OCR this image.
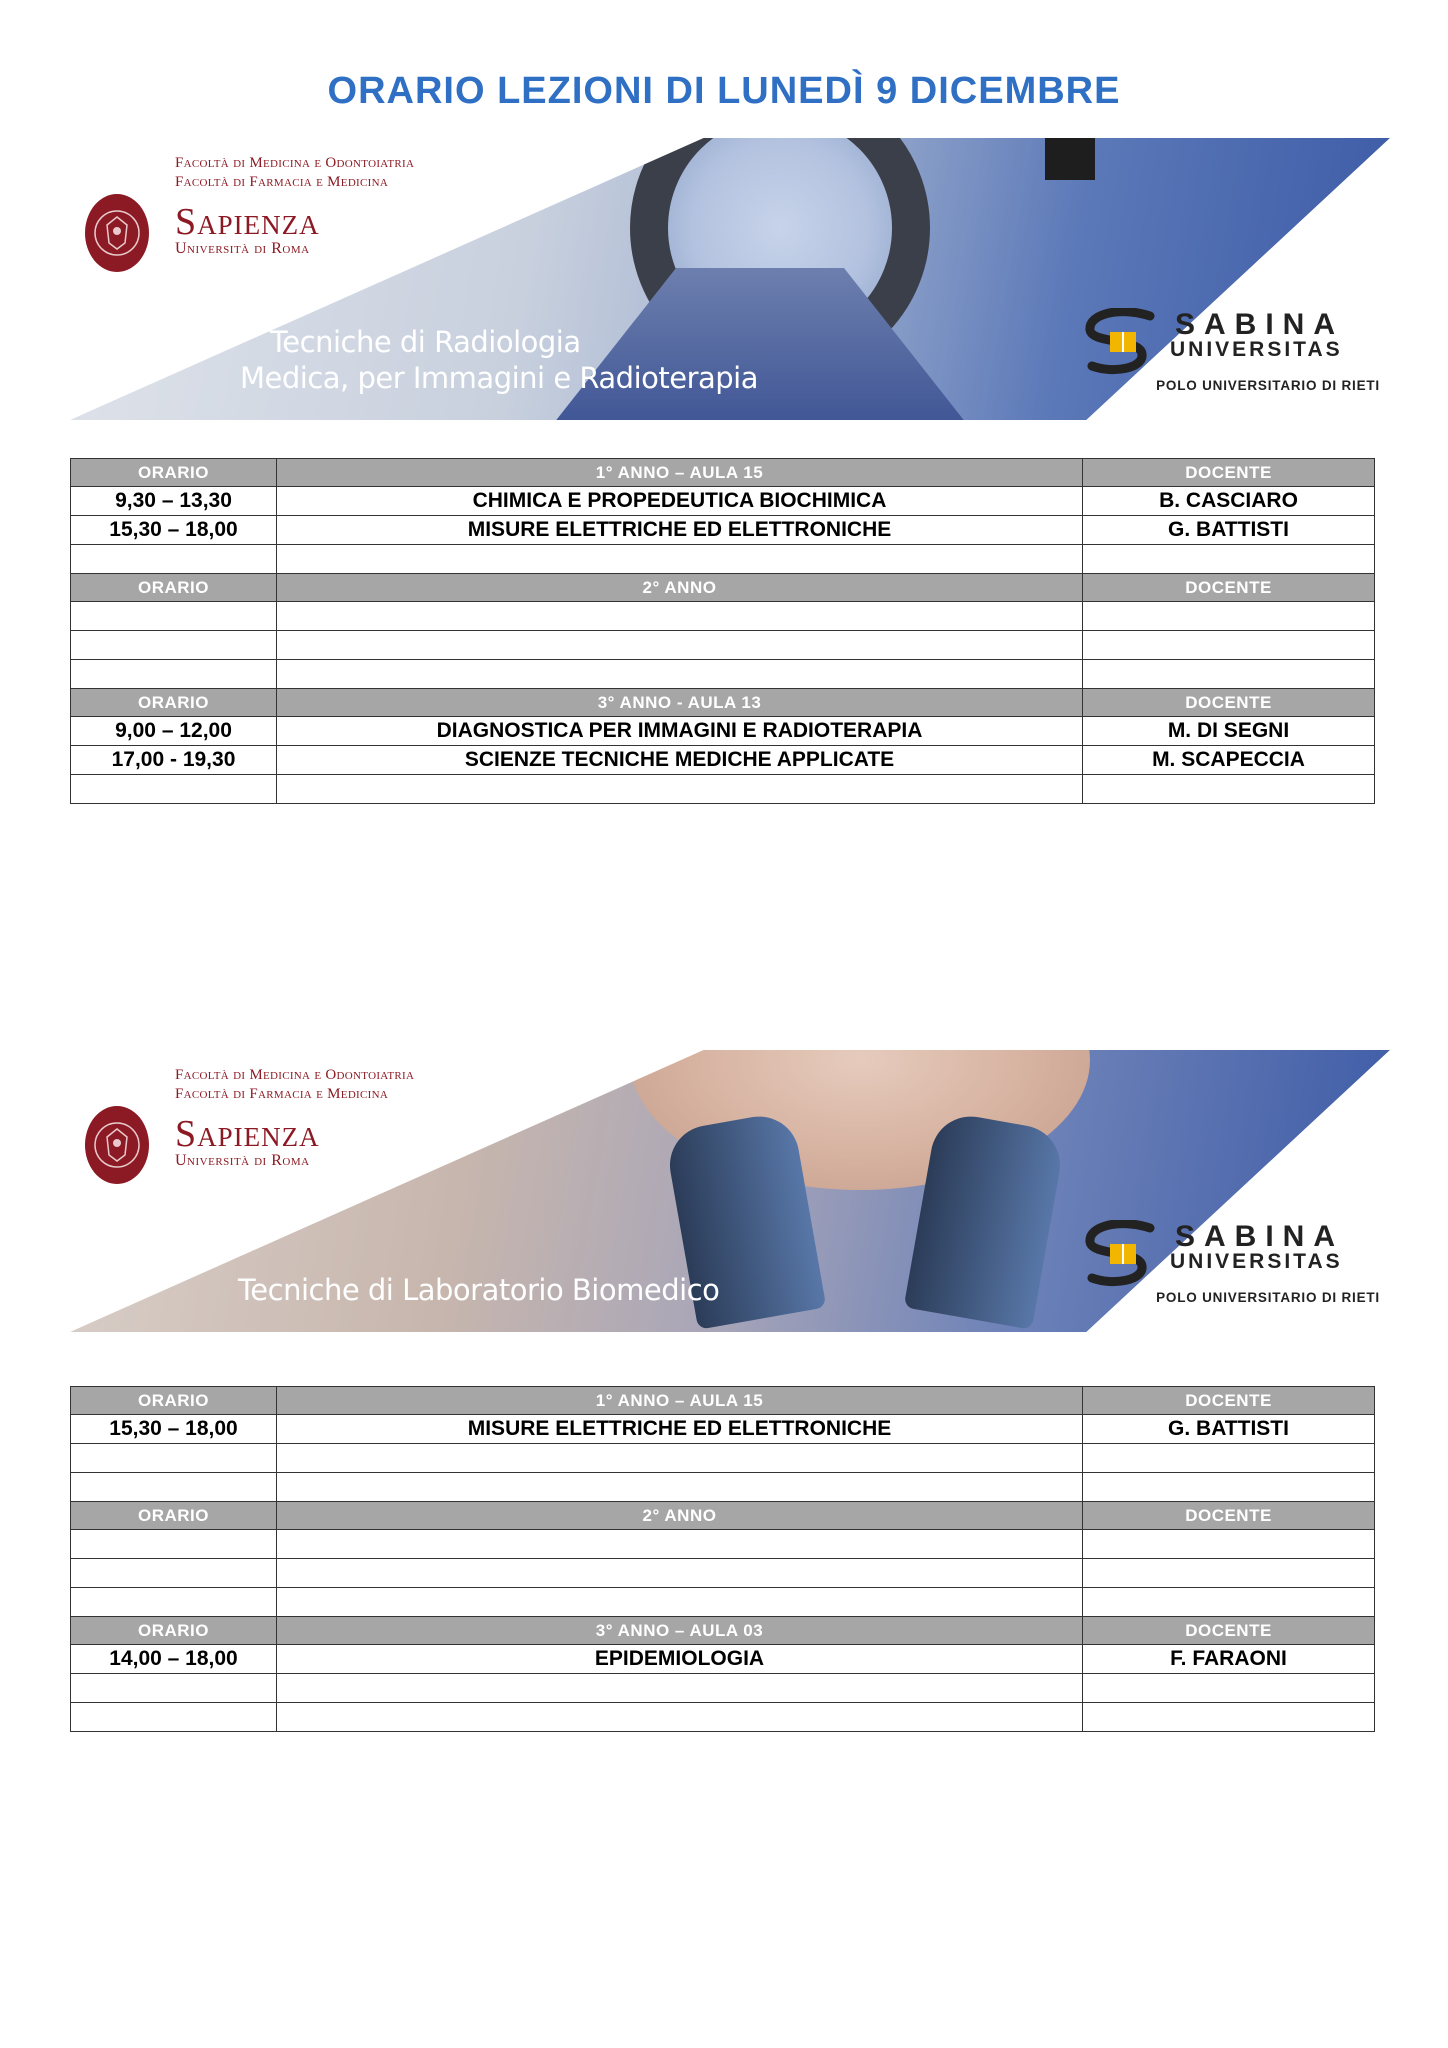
ORARIO LEZIONI DI LUNEDÌ 9 DICEMBRE
Facoltà di Medicina e Odontoiatria
Facoltà di Farmacia e Medicina
Sapienza
Università di Roma
Tecniche di Radiologia
Medica, per Immagini e Radioterapia
SABINA
UNIVERSITAS
POLO UNIVERSITARIO DI RIETI
ORARIO	1° ANNO – AULA 15	DOCENTE
9,30 – 13,30	CHIMICA E PROPEDEUTICA BIOCHIMICA	B. CASCIARO
15,30 – 18,00	MISURE ELETTRICHE ED ELETTRONICHE	G. BATTISTI

ORARIO	2° ANNO	DOCENTE

ORARIO	3° ANNO - AULA 13	DOCENTE
9,00 – 12,00	DIAGNOSTICA PER IMMAGINI E RADIOTERAPIA	M. DI SEGNI
17,00 - 19,30	SCIENZE TECNICHE MEDICHE APPLICATE	M. SCAPECCIA

Facoltà di Medicina e Odontoiatria
Facoltà di Farmacia e Medicina
Sapienza
Università di Roma
Tecniche di Laboratorio Biomedico
SABINA
UNIVERSITAS
POLO UNIVERSITARIO DI RIETI
ORARIO	1° ANNO – AULA 15	DOCENTE
15,30 – 18,00	MISURE ELETTRICHE ED ELETTRONICHE	G. BATTISTI

ORARIO	2° ANNO	DOCENTE

ORARIO	3° ANNO – AULA 03	DOCENTE
14,00 – 18,00	EPIDEMIOLOGIA	F. FARAONI
